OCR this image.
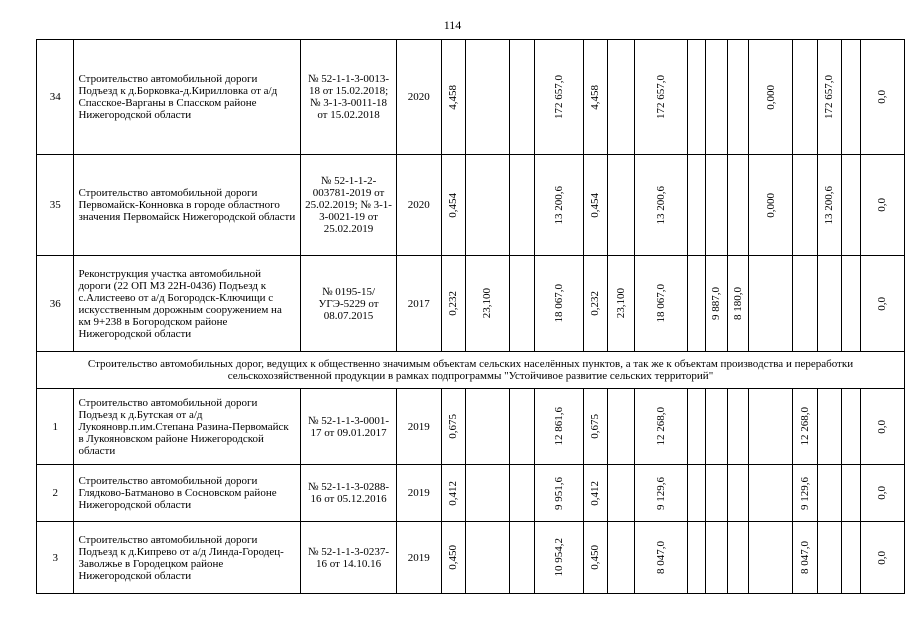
114
34	Строительство автомобильной дороги Подъезд к д.Борковка-д.Кирилловка от а/д Спасское-Варганы в Спасском районе Нижегородской области	№ 52-1-1-3-0013-18 от 15.02.2018; № 3-1-3-0011-18 от 15.02.2018	2020	4,458			172 657,0	4,458		172 657,0				0,000		172 657,0		0,0

35	Строительство автомобильной дороги Первомайск-Конновка в городе областного значения Первомайск Нижегородской области	№ 52-1-1-2-003781-2019 от 25.02.2019; № 3-1-3-0021-19 от 25.02.2019	2020	0,454			13 200,6	0,454		13 200,6				0,000		13 200,6		0,0

36	Реконструкция участка автомобильной дороги (22 ОП МЗ 22Н-0436) Подъезд к с.Алистеево от а/д Богородск-Ключищи с искусственным дорожным сооружением на км 9+238 в Богородском районе Нижегородской области	№ 0195-15/УГЭ-5229 от 08.07.2015	2017	0,232	23,100		18 067,0	0,232	23,100	18 067,0		9 887,0	8 180,0					0,0

Строительство автомобильных дорог, ведущих к общественно значимым объектам сельских населённых пунктов, а так же к объектам производства и переработки сельскохозяйственной продукции в рамках подпрограммы "Устойчивое развитие сельских территорий"																		
1	Строительство автомобильной дороги Подъезд к д.Бутская от а/д Лукояновр.п.им.Степана Разина-Первомайск в Лукояновском районе Нижегородской области	№ 52-1-1-3-0001-17 от 09.01.2017	2019	0,675			12 861,6	0,675		12 268,0					12 268,0			0,0

2	Строительство автомобильной дороги Глядково-Батманово в Сосновском районе Нижегородской области	№ 52-1-1-3-0288-16 от 05.12.2016	2019	0,412			9 951,6	0,412		9 129,6					9 129,6			0,0

3	Строительство автомобильной дороги Подъезд к д.Кипрево от а/д Линда-Городец-Заволжье в Городецком районе Нижегородской области	№ 52-1-1-3-0237-16 от 14.10.16	2019	0,450			10 954,2	0,450		8 047,0					8 047,0			0,0
